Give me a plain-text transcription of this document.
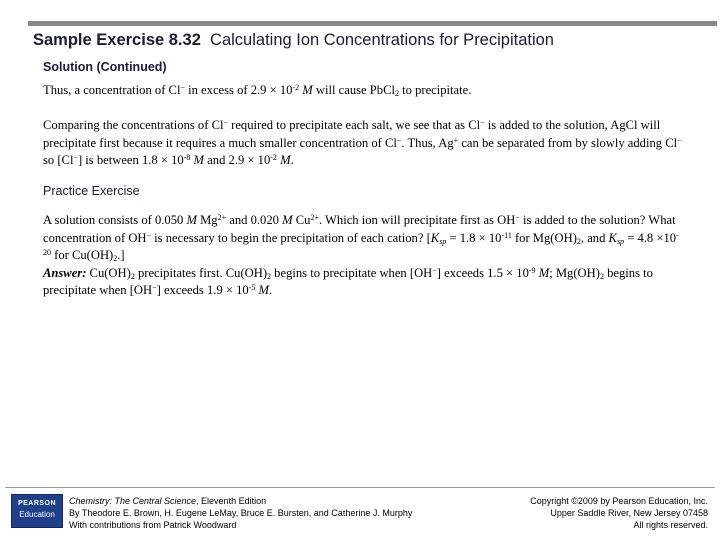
Sample Exercise 8.32 Calculating Ion Concentrations for Precipitation
Solution (Continued)
Thus, a concentration of Cl− in excess of $2.9 \times 10^{-2}$ M will cause PbCl$_2$ to precipitate.
Comparing the concentrations of Cl− required to precipitate each salt, we see that as Cl− is added to the solution, AgCl will precipitate first because it requires a much smaller concentration of Cl−. Thus, Ag+ can be separated from by slowly adding Cl− so [Cl−] is between $1.8 \times 10^{-8}$ M and $2.9 \times 10^{-2}$ M.
Practice Exercise
A solution consists of 0.050 M $Mg^{2+}$ and 0.020 M $Cu^{2+}$. Which ion will precipitate first as OH− is added to the solution? What concentration of OH− is necessary to begin the precipitation of each cation? [$K_{sp} = 1.8 \times 10^{-11}$ for $Mg(OH)_2$, and $K_{sp} = 4.8 \times 10^{-20}$ for $Cu(OH)_2$.]
Answer: $Cu(OH)_2$ precipitates first. $Cu(OH)_2$ begins to precipitate when [OH−] exceeds $1.5 \times 10^{-9}$ M; $Mg(OH)_2$ begins to precipitate when [OH−] exceeds $1.9 \times 10^{-5}$ M.
PEARSON
Education
Chemistry: The Central Science, Eleventh Edition
By Theodore E. Brown, H. Eugene LeMay, Bruce E. Bursten, and Catherine J. Murphy
With contributions from Patrick Woodward
Copyright ©2009 by Pearson Education, Inc.
Upper Saddle River, New Jersey 07458
All rights reserved.
